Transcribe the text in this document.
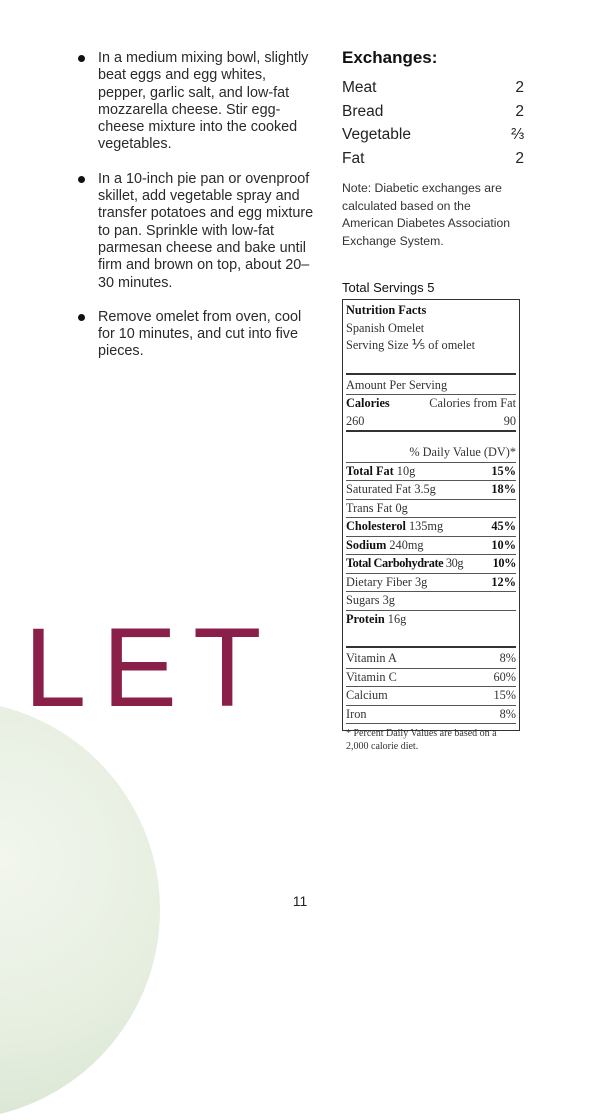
LET
In a medium mixing bowl, slightly beat eggs and egg whites, pepper, garlic salt, and low-fat mozzarella cheese. Stir egg-cheese mixture into the cooked vegetables.
In a 10-inch pie pan or ovenproof skillet, add vegetable spray and transfer potatoes and egg mixture to pan. Sprinkle with low-fat parmesan cheese and bake until firm and brown on top, about 20–30 minutes.
Remove omelet from oven, cool for 10 minutes, and cut into five pieces.
Exchanges:
Meat	2
Bread	2
Vegetable	⅔
Fat	2
Note: Diabetic exchanges are calculated based on the American Diabetes Association Exchange System.
Total Servings 5
Nutrition Facts
Spanish Omelet
Serving Size
⅕
of omelet
Amount Per Serving
Calories	Calories from Fat
260	90
% Daily Value (DV)*
Total Fat 10g	15%
Saturated Fat 3.5g	18%
Trans Fat 0g
Cholesterol 135mg	45%
Sodium 240mg	10%
Total Carbohydrate 30g 10%
Dietary Fiber 3g	12%
Sugars 3g
Protein 16g
Vitamin A	8%
Vitamin C	60%
Calcium	15%
Iron	8%
* Percent Daily Values are based on a 2,000 calorie diet.
11
